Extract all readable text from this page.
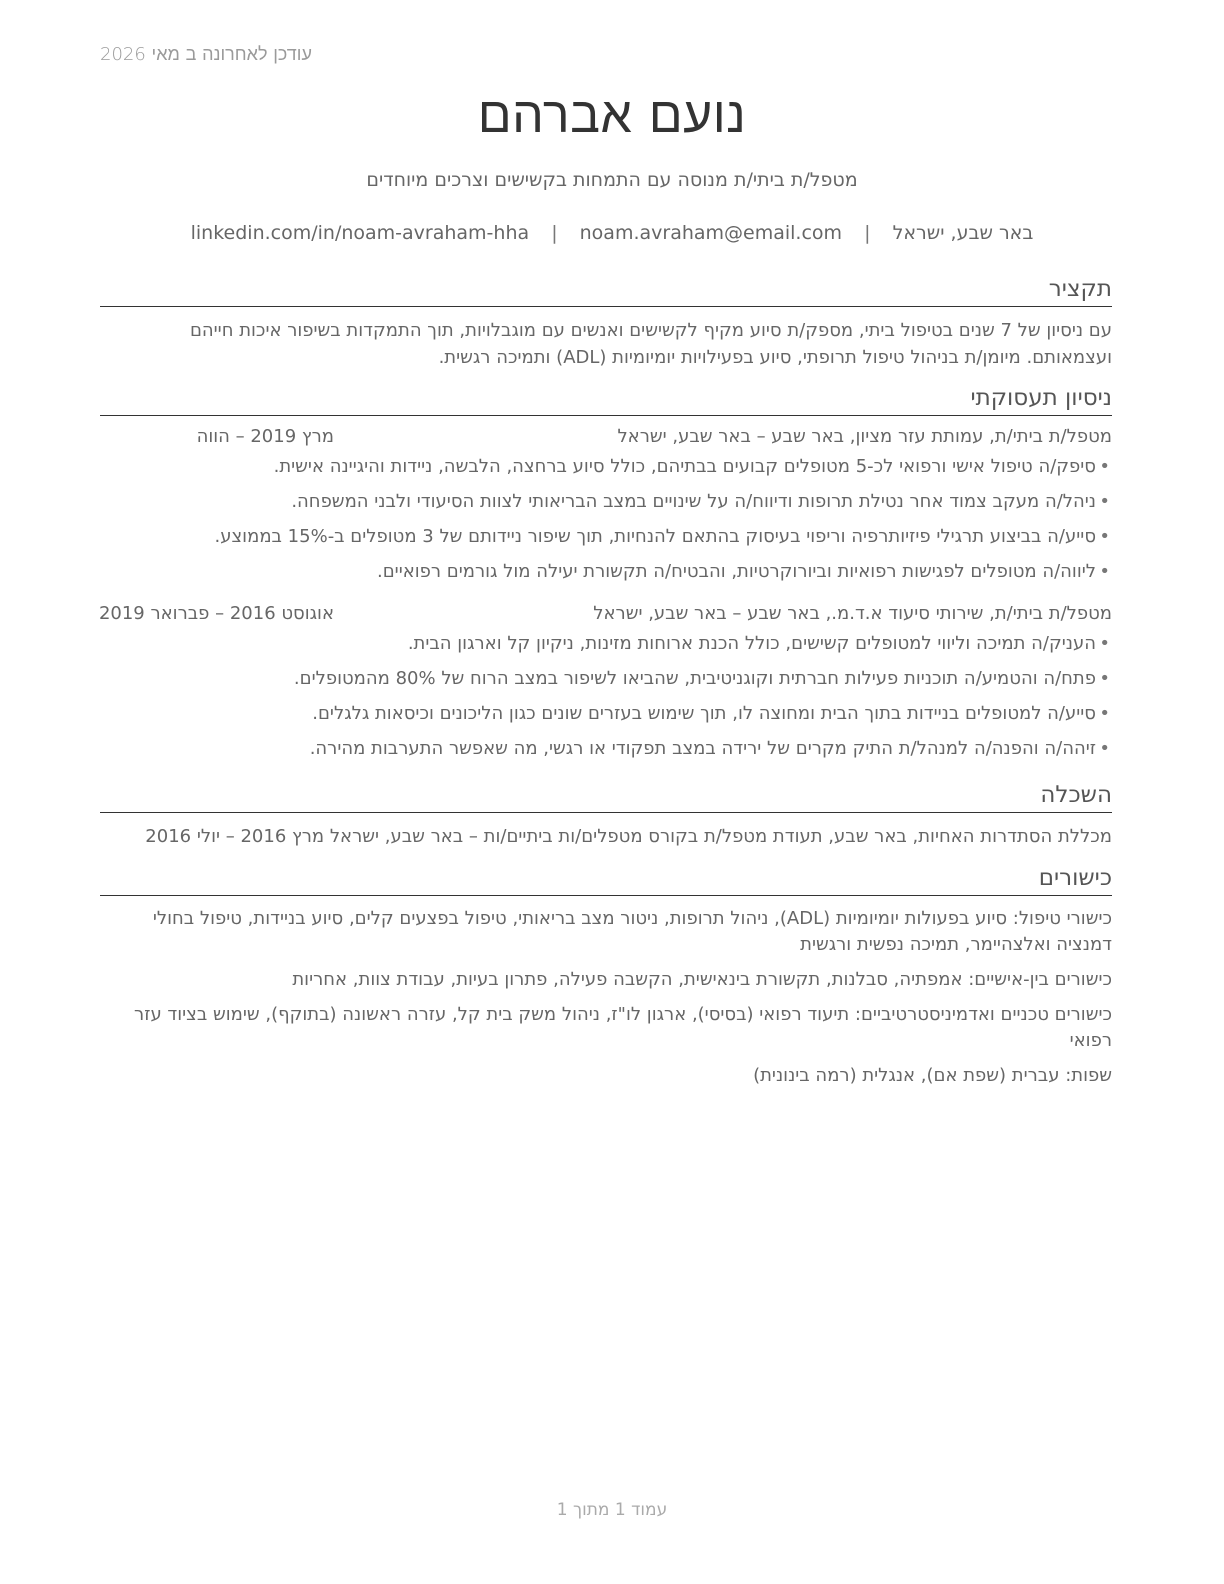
עודכן לאחרונה ב מאי 2026
נועם אברהם
מטפל/ת ביתי/ת מנוסה עם התמחות בקשישים וצרכים מיוחדים
באר שבע, ישראל | noam.avraham@email.com | linkedin.com/in/noam-avraham-hha
תקציר
עם ניסיון של 7 שנים בטיפול ביתי, מספק/ת סיוע מקיף לקשישים ואנשים עם מוגבלויות, תוך התמקדות בשיפור איכות חייהם ועצמאותם. מיומן/ת בניהול טיפול תרופתי, סיוע בפעילויות יומיומיות (ADL) ותמיכה רגשית.
ניסיון תעסוקתי
מטפל/ת ביתי/ת, עמותת עזר מציון, באר שבע – באר שבע, ישראל
מרץ 2019 – הווה
•
סיפק/ה טיפול אישי ורפואי לכ-5 מטופלים קבועים בבתיהם, כולל סיוע ברחצה, הלבשה, ניידות והיגיינה אישית.
•
ניהל/ה מעקב צמוד אחר נטילת תרופות ודיווח/ה על שינויים במצב הבריאותי לצוות הסיעודי ולבני המשפחה.
•
סייע/ה בביצוע תרגילי פיזיותרפיה וריפוי בעיסוק בהתאם להנחיות, תוך שיפור ניידותם של 3 מטופלים ב-15% בממוצע.
•
ליווה/ה מטופלים לפגישות רפואיות וביורוקרטיות, והבטיח/ה תקשורת יעילה מול גורמים רפואיים.
מטפל/ת ביתי/ת, שירותי סיעוד א.ד.מ., באר שבע – באר שבע, ישראל
אוגוסט 2016 – פברואר 2019
•
העניק/ה תמיכה וליווי למטופלים קשישים, כולל הכנת ארוחות מזינות, ניקיון קל וארגון הבית.
•
פתח/ה והטמיע/ה תוכניות פעילות חברתית וקוגניטיבית, שהביאו לשיפור במצב הרוח של 80% מהמטופלים.
•
סייע/ה למטופלים בניידות בתוך הבית ומחוצה לו, תוך שימוש בעזרים שונים כגון הליכונים וכיסאות גלגלים.
•
זיהה/ה והפנה/ה למנהל/ת התיק מקרים של ירידה במצב תפקודי או רגשי, מה שאפשר התערבות מהירה.
השכלה
מכללת הסתדרות האחיות, באר שבע, תעודת מטפל/ת בקורס מטפלים/ות ביתיים/ות – באר שבע, ישראל מרץ 2016 – יולי 2016
כישורים
כישורי טיפול: סיוע בפעולות יומיומיות (ADL), ניהול תרופות, ניטור מצב בריאותי, טיפול בפצעים קלים, סיוע בניידות, טיפול בחולי דמנציה ואלצהיימר, תמיכה נפשית ורגשית
כישורים בין-אישיים: אמפתיה, סבלנות, תקשורת בינאישית, הקשבה פעילה, פתרון בעיות, עבודת צוות, אחריות
כישורים טכניים ואדמיניסטרטיביים: תיעוד רפואי (בסיסי), ארגון לו"ז, ניהול משק בית קל, עזרה ראשונה (בתוקף), שימוש בציוד עזר רפואי
שפות: עברית (שפת אם), אנגלית (רמה בינונית)
עמוד 1 מתוך 1
